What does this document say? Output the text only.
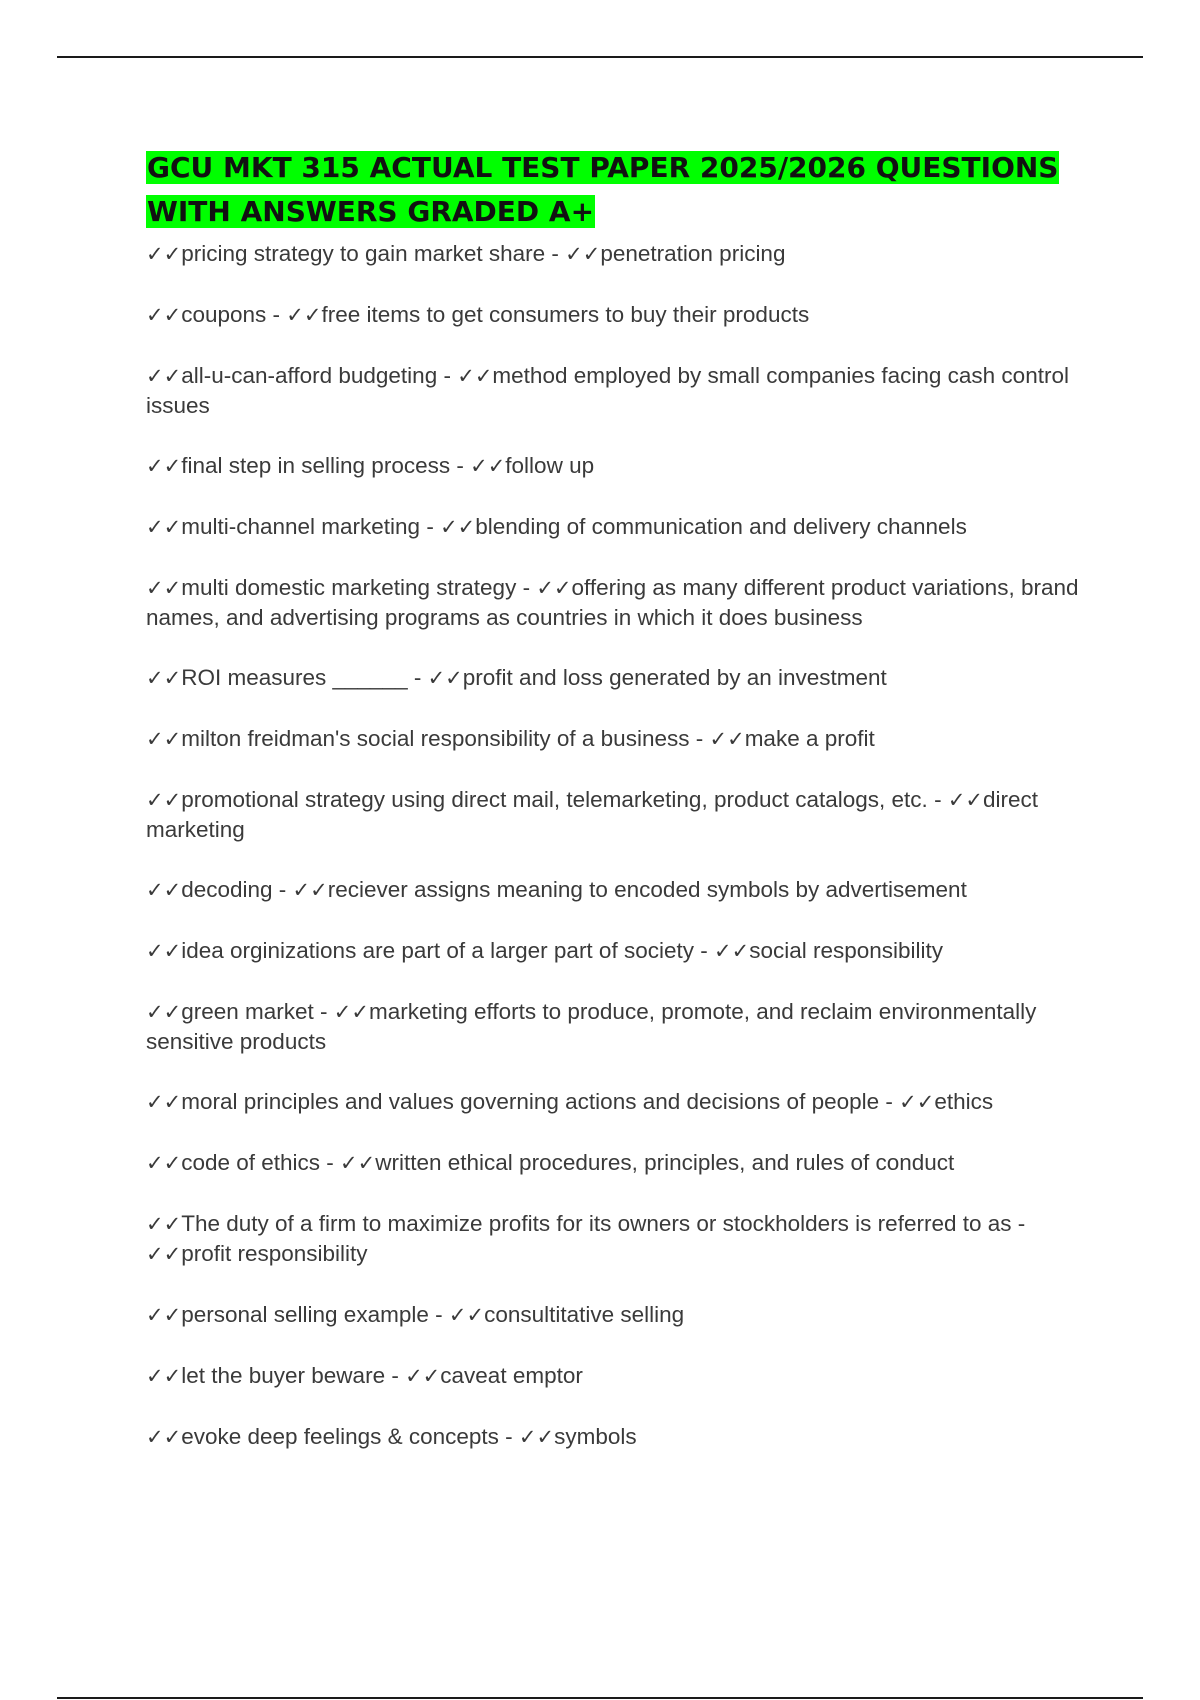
GCU MKT 315 ACTUAL TEST PAPER 2025/2026 QUESTIONS WITH ANSWERS GRADED A+
✓✓pricing strategy to gain market share - ✓✓penetration pricing
✓✓coupons - ✓✓free items to get consumers to buy their products
✓✓all-u-can-afford budgeting - ✓✓method employed by small companies facing cash control issues
✓✓final step in selling process - ✓✓follow up
✓✓multi-channel marketing - ✓✓blending of communication and delivery channels
✓✓multi domestic marketing strategy - ✓✓offering as many different product variations, brand names, and advertising programs as countries in which it does business
✓✓ROI measures ______ - ✓✓profit and loss generated by an investment
✓✓milton freidman's social responsibility of a business - ✓✓make a profit
✓✓promotional strategy using direct mail, telemarketing, product catalogs, etc. - ✓✓direct marketing
✓✓decoding - ✓✓reciever assigns meaning to encoded symbols by advertisement
✓✓idea orginizations are part of a larger part of society - ✓✓social responsibility
✓✓green market - ✓✓marketing efforts to produce, promote, and reclaim environmentally sensitive products
✓✓moral principles and values governing actions and decisions of people - ✓✓ethics
✓✓code of ethics - ✓✓written ethical procedures, principles, and rules of conduct
✓✓The duty of a firm to maximize profits for its owners or stockholders is referred to as - ✓✓profit responsibility
✓✓personal selling example - ✓✓consultitative selling
✓✓let the buyer beware - ✓✓caveat emptor
✓✓evoke deep feelings & concepts - ✓✓symbols
